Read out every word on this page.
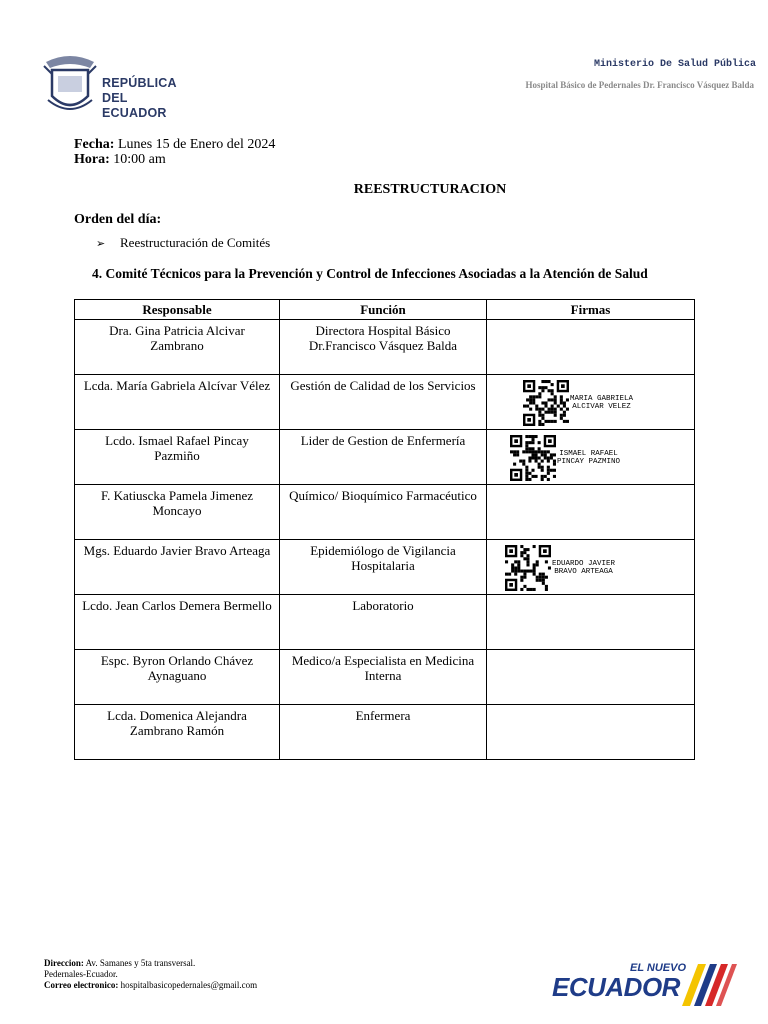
REPÚBLICA
DEL ECUADOR
Ministerio De Salud Pública
Hospital Básico de Pedernales Dr. Francisco Vásquez Balda
Fecha: Lunes 15 de Enero del 2024
Hora: 10:00 am
REESTRUCTURACION
Orden del día:
➢ Reestructuración de Comités
4. Comité Técnicos para la Prevención y Control de Infecciones Asociadas a la Atención de Salud
Responsable	Función	Firmas
Dra. Gina Patricia Alcivar Zambrano	Directora Hospital Básico Dr.Francisco Vásquez Balda	
Lcda. María Gabriela Alcívar Vélez	Gestión de Calidad de los Servicios	MARIA GABRIELA
ALCIVAR VELEZ

Lcdo. Ismael Rafael Pincay Pazmiño	Lider de Gestion de Enfermería	ISMAEL RAFAEL
PINCAY PAZMINO

F. Katiuscka Pamela Jimenez Moncayo	Químico/ Bioquímico Farmacéutico	
Mgs. Eduardo Javier Bravo Arteaga	Epidemiólogo de Vigilancia Hospitalaria	EDUARDO JAVIER
BRAVO ARTEAGA

Lcdo. Jean Carlos Demera Bermello	Laboratorio	
Espc. Byron Orlando Chávez Aynaguano	Medico/a Especialista en Medicina Interna	
Lcda. Domenica Alejandra Zambrano Ramón	Enfermera	
Direccion: Av. Samanes y 5ta transversal.
Pedernales-Ecuador.
Correo electronico: hospitalbasicopedernales@gmail.com
EL NUEVO
ECUADOR
